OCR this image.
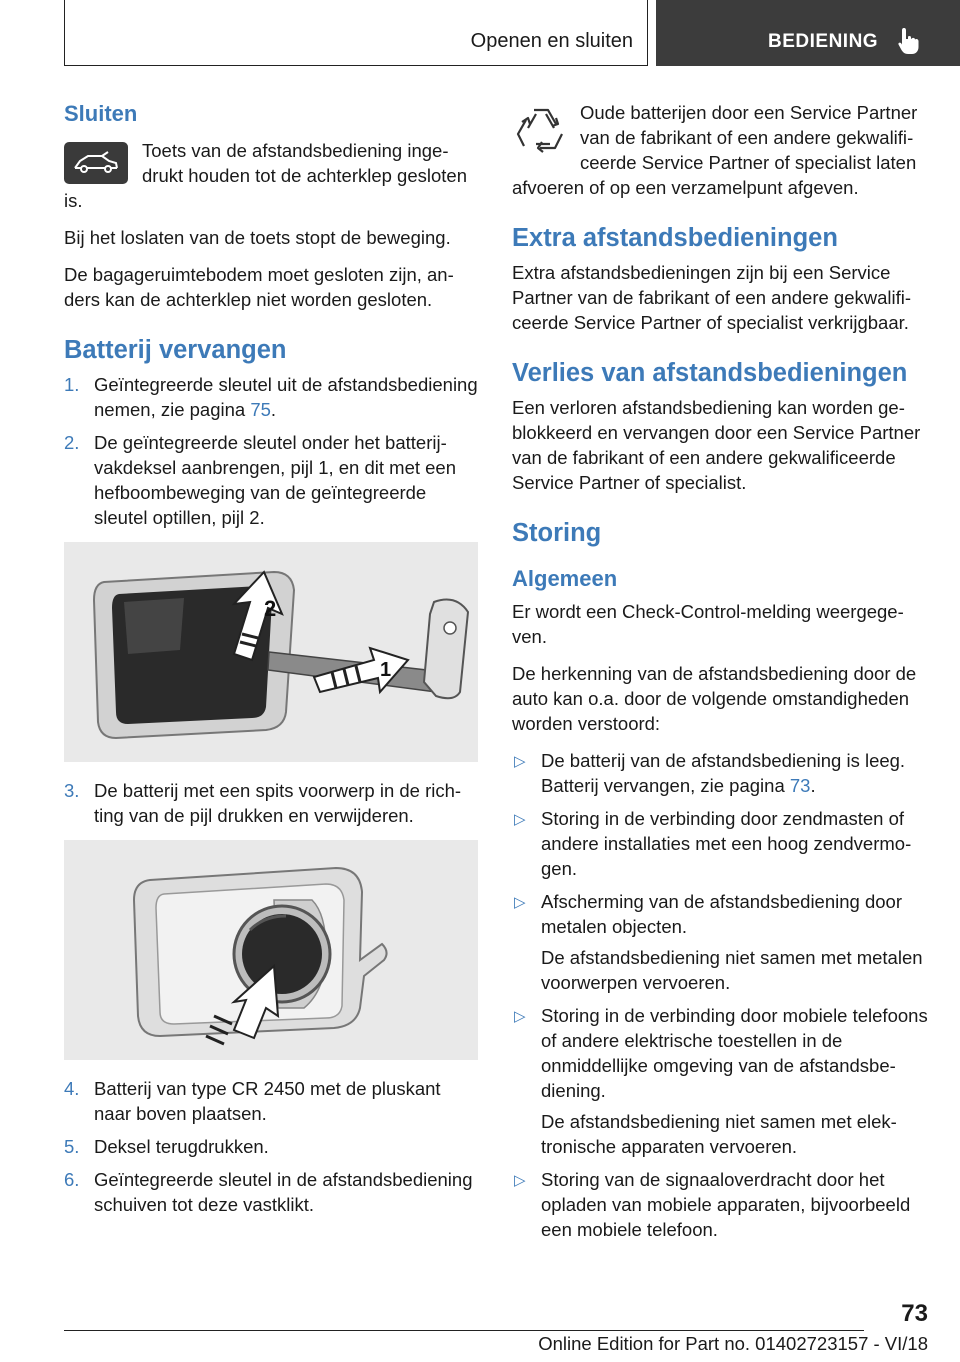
Openen en sluiten	BEDIENING
Sluiten

Toets van de afstandsbediening ingedrukt houden tot de achterklep gesloten is.

Bij het loslaten van de toets stopt de beweging.

De bagageruimtebodem moet gesloten zijn, anders kan de achterklep niet worden gesloten.

Batterij vervangen
1. Geïntegreerde sleutel uit de afstandsbediening nemen, zie pagina 75.
2. De geïntegreerde sleutel onder het batterijvakdeksel aanbrengen, pijl 1, en dit met een hefboombeweging van de geïntegreerde sleutel optillen, pijl 2.
2
1
3. De batterij met een spits voorwerp in de richting van de pijl drukken en verwijderen.
4. Batterij van type CR 2450 met de pluskant naar boven plaatsen.
5. Deksel terugdrukken.
6. Geïntegreerde sleutel in de afstandsbediening schuiven tot deze vastklikt.

Oude batterijen door een Service Partner van de fabrikant of een andere gekwalificeerde Service Partner of specialist laten afvoeren of op een verzamelpunt afgeven.

Extra afstandsbedieningen

Extra afstandsbedieningen zijn bij een Service Partner van de fabrikant of een andere gekwalificeerde Service Partner of specialist verkrijgbaar.

Verlies van afstandsbedieningen

Een verloren afstandsbediening kan worden geblokkeerd en vervangen door een Service Partner van de fabrikant of een andere gekwalificeerde Service Partner of specialist.

Storing
Algemeen

Er wordt een Check-Control-melding weergegeven.

De herkenning van de afstandsbediening door de auto kan o.a. door de volgende omstandigheden worden verstoord:

▷ De batterij van de afstandsbediening is leeg. Batterij vervangen, zie pagina 73.
▷ Storing in de verbinding door zendmasten of andere installaties met een hoog zendvermogen.
▷ Afscherming van de afstandsbediening door metalen objecten.
De afstandsbediening niet samen met metalen voorwerpen vervoeren.
▷ Storing in de verbinding door mobiele telefoons of andere elektrische toestellen in de onmiddellijke omgeving van de afstandsbediening.
De afstandsbediening niet samen met elektronische apparaten vervoeren.
▷ Storing van de signaaloverdracht door het opladen van mobiele apparaten, bijvoorbeeld een mobiele telefoon.
73
Online Edition for Part no. 01402723157 - VI/18
